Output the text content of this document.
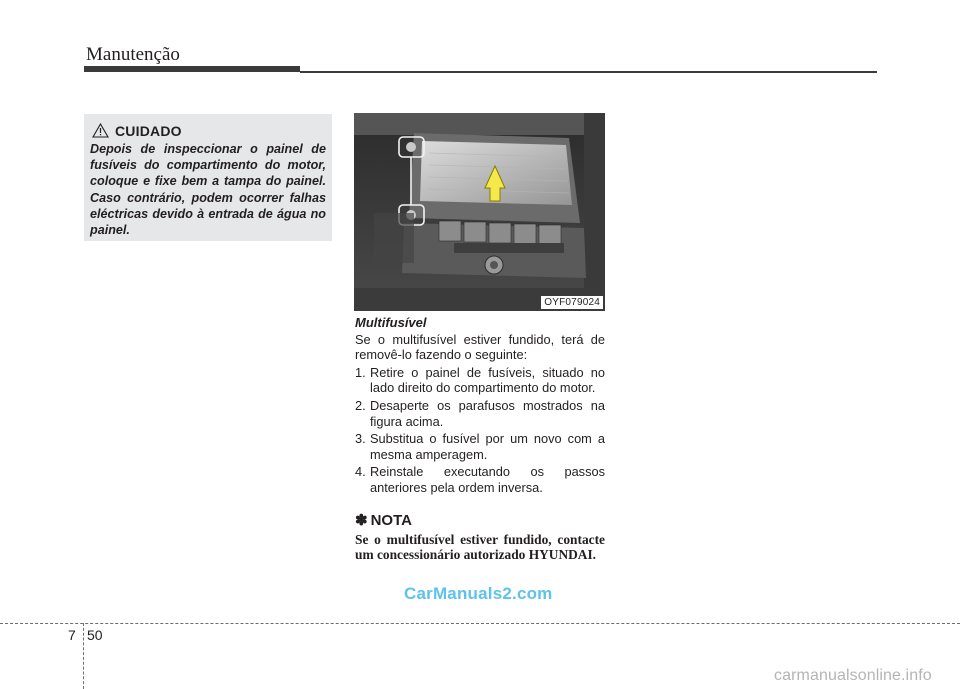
Manutenção
CUIDADO
Depois de inspeccionar o painel de fusíveis do compartimento do motor, coloque e fixe bem a tampa do painel. Caso contrário, podem ocorrer falhas eléctricas devido à entrada de água no painel.
OYF079024
Multifusível

Se o multifusível estiver fundido, terá de removê-lo fazendo o seguinte:

1. Retire o painel de fusíveis, situado no lado direito do compartimento do motor.
2. Desaperte os parafusos mostrados na figura acima.
3. Substitua o fusível por um novo com a mesma amperagem.
4. Reinstale executando os passos anteriores pela ordem inversa.
✽ NOTA
Se o multifusível estiver fundido, contacte um concessionário autorizado HYUNDAI.
CarManuals2.com
7 50
carmanualsonline.info
